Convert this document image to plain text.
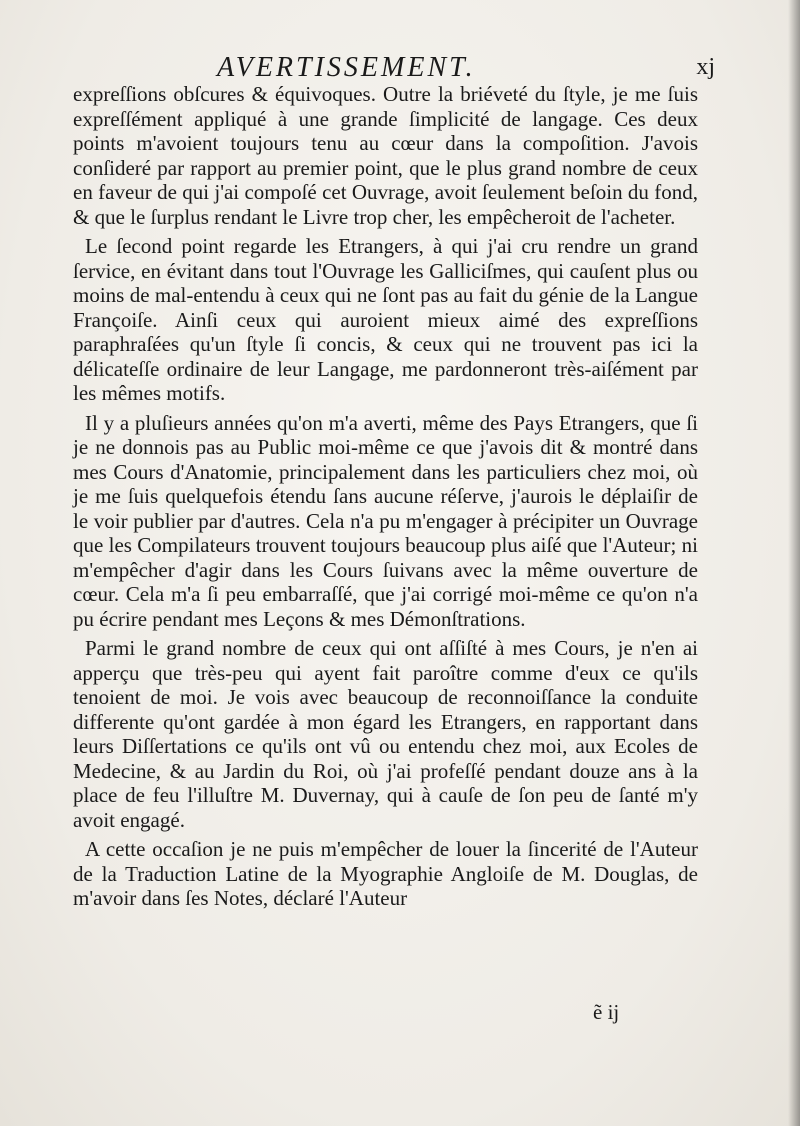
AVERTISSEMENT.	xj

expreſſions obſcures & équivoques. Outre la briéveté du ſtyle, je me ſuis expreſſément appliqué à une grande ſimplicité de langage. Ces deux points m'avoient toujours tenu au cœur dans la compoſition. J'avois conſideré par rapport au premier point, que le plus grand nombre de ceux en faveur de qui j'ai compoſé cet Ouvrage, avoit ſeulement beſoin du fond, & que le ſurplus rendant le Livre trop cher, les empêcheroit de l'acheter.

Le ſecond point regarde les Etrangers, à qui j'ai cru rendre un grand ſervice, en évitant dans tout l'Ouvrage les Galliciſmes, qui cauſent plus ou moins de mal-entendu à ceux qui ne ſont pas au fait du génie de la Langue Françoiſe. Ainſi ceux qui auroient mieux aimé des expreſſions paraphraſées qu'un ſtyle ſi concis, & ceux qui ne trouvent pas ici la délicateſſe ordinaire de leur Langage, me pardonneront très-aiſément par les mêmes motifs.

Il y a pluſieurs années qu'on m'a averti, même des Pays Etrangers, que ſi je ne donnois pas au Public moi-même ce que j'avois dit & montré dans mes Cours d'Anatomie, principalement dans les particuliers chez moi, où je me ſuis quelquefois étendu ſans aucune réſerve, j'aurois le déplaiſir de le voir publier par d'autres. Cela n'a pu m'engager à précipiter un Ouvrage que les Compilateurs trouvent toujours beaucoup plus aiſé que l'Auteur; ni m'empêcher d'agir dans les Cours ſuivans avec la même ouverture de cœur. Cela m'a ſi peu embarraſſé, que j'ai corrigé moi-même ce qu'on n'a pu écrire pendant mes Leçons & mes Démonſtrations.

Parmi le grand nombre de ceux qui ont aſſiſté à mes Cours, je n'en ai apperçu que très-peu qui ayent fait paroître comme d'eux ce qu'ils tenoient de moi. Je vois avec beaucoup de reconnoiſſance la conduite differente qu'ont gardée à mon égard les Etrangers, en rapportant dans leurs Diſſertations ce qu'ils ont vû ou entendu chez moi, aux Ecoles de Medecine, & au Jardin du Roi, où j'ai profeſſé pendant douze ans à la place de feu l'illuſtre M. Duvernay, qui à cauſe de ſon peu de ſanté m'y avoit engagé.

A cette occaſion je ne puis m'empêcher de louer la ſincerité de l'Auteur de la Traduction Latine de la Myographie Angloiſe de M. Douglas, de m'avoir dans ſes Notes, déclaré l'Auteur

ẽ ij
